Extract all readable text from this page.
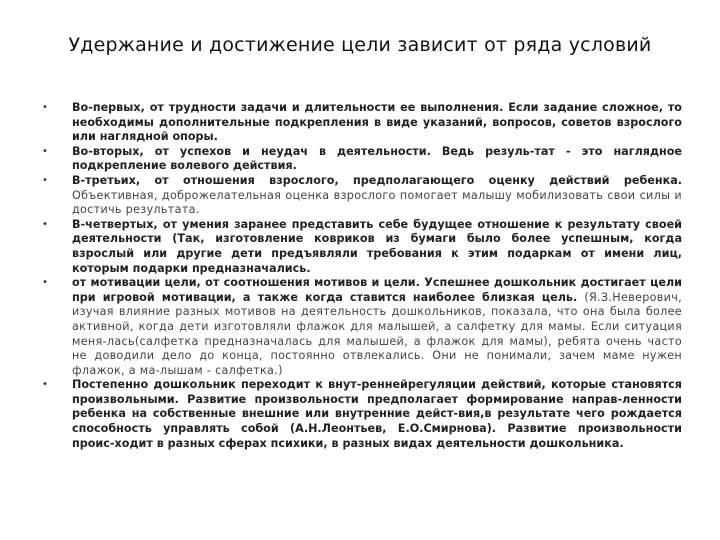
Удержание и достижение цели зависит от ряда условий
• Во-первых, от трудности задачи и длительности ее выполнения. Если задание сложное, то необходимы дополнительные подкрепления в виде указаний, вопросов, советов взрослого или наглядной опоры.
• Во-вторых, от успехов и неудач в деятельности. Ведь резуль-тат - это наглядное подкрепление волевого действия.
• В-третьих, от отношения взрослого, предполагающего оценку действий ребенка. Объективная, доброжелательная оценка взрослого помогает малышу мобилизовать свои силы и достичь результата.
• В-четвертых, от умения заранее представить себе будущее отношение к результату своей деятельности (Так, изготовление ковриков из бумаги было более успешным, когда взрослый или другие дети предъявляли требования к этим подаркам от имени лиц, которым подарки предназначались.
• от мотивации цели, от соотношения мотивов и цели. Успешнее дошкольник достигает цели при игровой мотивации, а также когда ставится наиболее близкая цель. (Я.З.Неверович, изучая влияние разных мотивов на деятельность дошкольников, показала, что она была более активной, когда дети изготовляли флажок для малышей, а салфетку для мамы. Если ситуация меня-лась(салфетка предназначалась для малышей, а флажок для мамы), ребята очень часто не доводили дело до конца, постоянно отвлекались. Они не понимали, зачем маме нужен флажок, а ма-лышам - салфетка.)
• Постепенно дошкольник переходит к внут-реннейрегуляции действий, которые становятся произвольными. Развитие произвольности предполагает формирование направ-ленности ребенка на собственные внешние или внутренние дейст-вия,в результате чего рождается способность управлять собой (А.Н.Леонтьев, Е.О.Смирнова). Развитие произвольности проис-ходит в разных сферах психики, в разных видах деятельности дошкольника.
